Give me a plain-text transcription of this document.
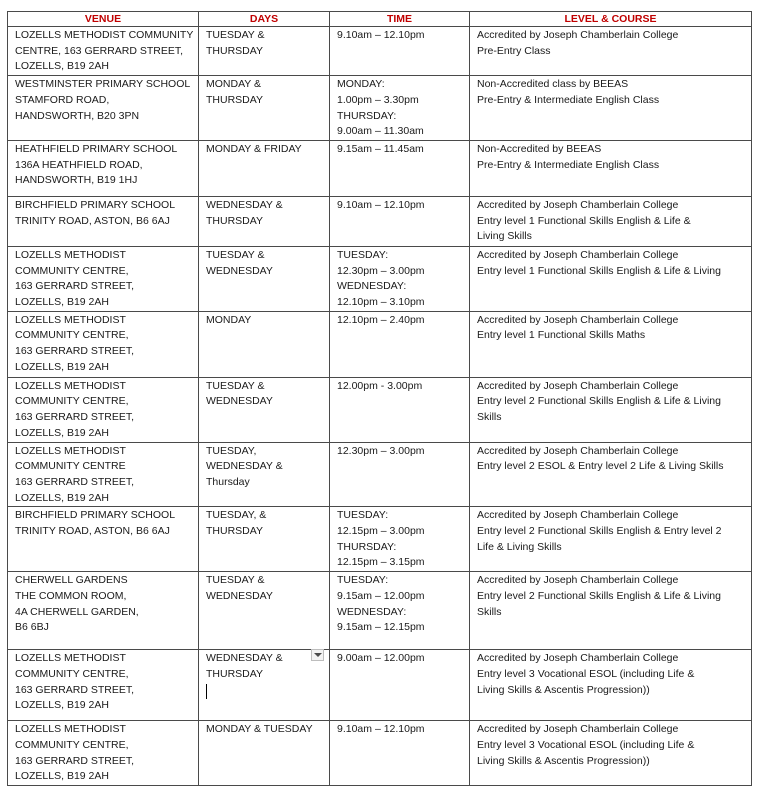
VENUE	DAYS	TIME	LEVEL & COURSE
LOZELLS METHODIST COMMUNITY
CENTRE, 163 GERRARD STREET,
LOZELLS, B19 2AH	TUESDAY &
THURSDAY	9.10am – 12.10pm	Accredited by Joseph Chamberlain College
Pre-Entry Class
WESTMINSTER PRIMARY SCHOOL
STAMFORD ROAD,
HANDSWORTH, B20 3PN	MONDAY &
THURSDAY	MONDAY:
1.00pm – 3.30pm
THURSDAY:
9.00am – 11.30am	Non-Accredited class by BEEAS
Pre-Entry & Intermediate English Class
HEATHFIELD PRIMARY SCHOOL
136A HEATHFIELD ROAD,
HANDSWORTH, B19 1HJ	MONDAY & FRIDAY	9.15am – 11.45am	Non-Accredited by BEEAS
Pre-Entry & Intermediate English Class
BIRCHFIELD PRIMARY SCHOOL
TRINITY ROAD, ASTON, B6 6AJ	WEDNESDAY &
THURSDAY	9.10am – 12.10pm	Accredited by Joseph Chamberlain College
Entry level 1 Functional Skills English & Life &
Living Skills
LOZELLS METHODIST
COMMUNITY CENTRE,
163 GERRARD STREET,
LOZELLS, B19 2AH	TUESDAY &
WEDNESDAY	TUESDAY:
12.30pm – 3.00pm
WEDNESDAY:
12.10pm – 3.10pm	Accredited by Joseph Chamberlain College
Entry level 1 Functional Skills English & Life & Living
LOZELLS METHODIST
COMMUNITY CENTRE,
163 GERRARD STREET,
LOZELLS, B19 2AH	MONDAY	12.10pm – 2.40pm	Accredited by Joseph Chamberlain College
Entry level 1 Functional Skills Maths
LOZELLS METHODIST
COMMUNITY CENTRE,
163 GERRARD STREET,
LOZELLS, B19 2AH	TUESDAY &
WEDNESDAY	12.00pm - 3.00pm	Accredited by Joseph Chamberlain College
Entry level 2 Functional Skills English & Life & Living
Skills
LOZELLS METHODIST
COMMUNITY CENTRE
163 GERRARD STREET,
LOZELLS, B19 2AH	TUESDAY,
WEDNESDAY &
Thursday	12.30pm – 3.00pm	Accredited by Joseph Chamberlain College
Entry level 2 ESOL & Entry level 2 Life & Living Skills
BIRCHFIELD PRIMARY SCHOOL
TRINITY ROAD, ASTON, B6 6AJ	TUESDAY, &
THURSDAY	TUESDAY:
12.15pm – 3.00pm
THURSDAY:
12.15pm – 3.15pm	Accredited by Joseph Chamberlain College
Entry level 2 Functional Skills English & Entry level 2
Life & Living Skills
CHERWELL GARDENS
THE COMMON ROOM,
4A CHERWELL GARDEN,
B6 6BJ	TUESDAY &
WEDNESDAY	TUESDAY:
9.15am – 12.00pm
WEDNESDAY:
9.15am – 12.15pm	Accredited by Joseph Chamberlain College
Entry level 2 Functional Skills English & Life & Living
Skills
LOZELLS METHODIST
COMMUNITY CENTRE,
163 GERRARD STREET,
LOZELLS, B19 2AH	WEDNESDAY &
THURSDAY	9.00am – 12.00pm	Accredited by Joseph Chamberlain College
Entry level 3 Vocational ESOL (including Life &
Living Skills & Ascentis Progression))
LOZELLS METHODIST
COMMUNITY CENTRE,
163 GERRARD STREET,
LOZELLS, B19 2AH	MONDAY & TUESDAY	9.10am – 12.10pm	Accredited by Joseph Chamberlain College
Entry level 3 Vocational ESOL (including Life &
Living Skills & Ascentis Progression))
